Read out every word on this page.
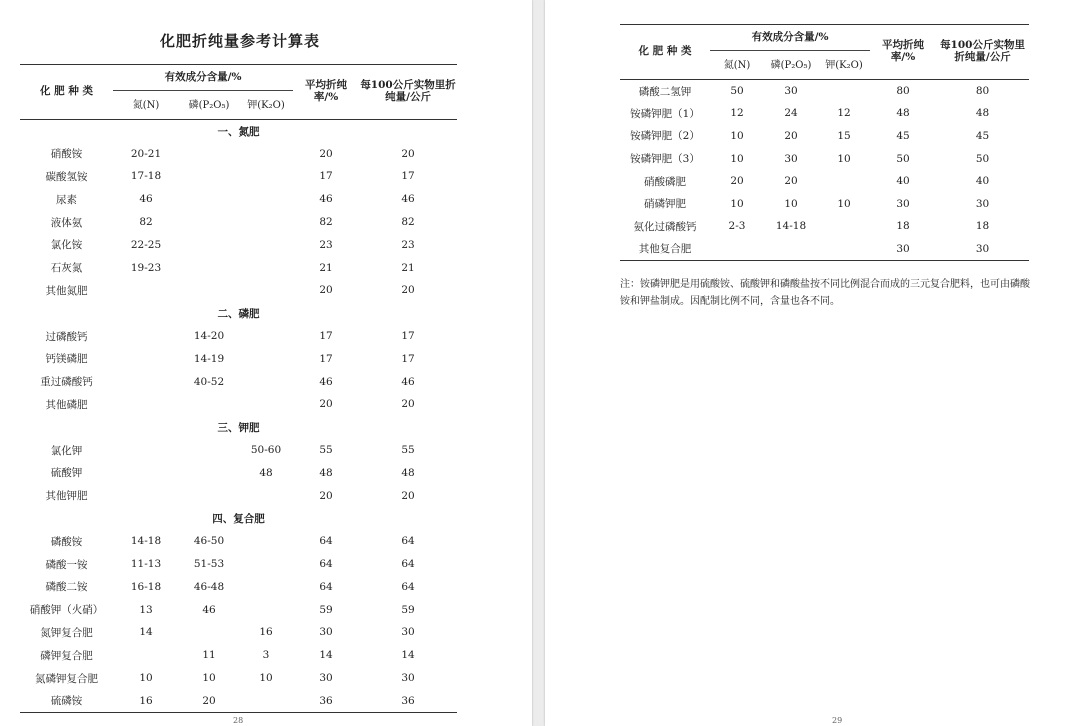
化肥折纯量参考计算表
化 肥 种 类	有效成分含量/%			平均折纯率/%	每100公斤实物里折纯量/公斤
	氮(N)	磷(P₂O₅)	钾(K₂O)		
一、氮肥					
硝酸铵	20-21			20	20
碳酸氢铵	17-18			17	17
尿素	46			46	46
液体氨	82			82	82
氯化铵	22-25			23	23
石灰氮	19-23			21	21
其他氮肥				20	20
二、磷肥					
过磷酸钙		14-20		17	17
钙镁磷肥		14-19		17	17
重过磷酸钙		40-52		46	46
其他磷肥				20	20
三、钾肥					
氯化钾			50-60	55	55
硫酸钾			48	48	48
其他钾肥				20	20
四、复合肥					
磷酸铵	14-18	46-50		64	64
磷酸一铵	11-13	51-53		64	64
磷酸二铵	16-18	46-48		64	64
硝酸钾（火硝）	13	46		59	59
氮钾复合肥	14		16	30	30
磷钾复合肥		11	3	14	14
氮磷钾复合肥	10	10	10	30	30
硫磷铵	16	20		36	36
28
化 肥 种 类	有效成分含量/%			平均折纯率/%	每100公斤实物里折纯量/公斤
	氮(N)	磷(P₂O₅)	钾(K₂O)		
磷酸二氢钾	50	30		80	80
铵磷钾肥（1）	12	24	12	48	48
铵磷钾肥（2）	10	20	15	45	45
铵磷钾肥（3）	10	30	10	50	50
硝酸磷肥	20	20		40	40
硝磷钾肥	10	10	10	30	30
氨化过磷酸钙	2-3	14-18		18	18
其他复合肥				30	30
注：铵磷钾肥是用硫酸铵、硫酸钾和磷酸盐按不同比例混合而成的三元复合肥料，也可由磷酸铵和钾盐制成。因配制比例不同，含量也各不同。
29
